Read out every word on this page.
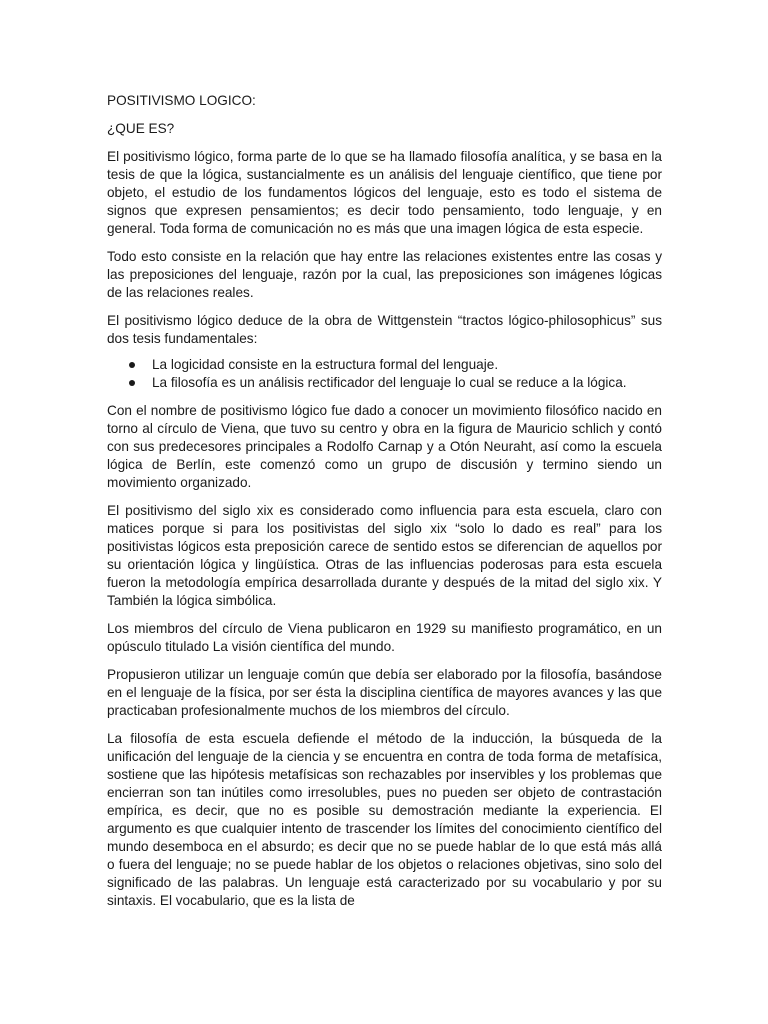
POSITIVISMO LOGICO:

¿QUE ES?

El positivismo lógico, forma parte de lo que se ha llamado filosofía analítica, y se basa en la tesis de que la lógica, sustancialmente es un análisis del lenguaje científico, que tiene por objeto, el estudio de los fundamentos lógicos del lenguaje, esto es todo el sistema de signos que expresen pensamientos; es decir todo pensamiento, todo lenguaje, y en general. Toda forma de comunicación no es más que una imagen lógica de esta especie.

Todo esto consiste en la relación que hay entre las relaciones existentes entre las cosas y las preposiciones del lenguaje, razón por la cual, las preposiciones son imágenes lógicas de las relaciones reales.

El positivismo lógico deduce de la obra de Wittgenstein “tractos lógico-philosophicus” sus dos tesis fundamentales:

La logicidad consiste en la estructura formal del lenguaje.
La filosofía es un análisis rectificador del lenguaje lo cual se reduce a la lógica.

Con el nombre de positivismo lógico fue dado a conocer un movimiento filosófico nacido en torno al círculo de Viena, que tuvo su centro y obra en la figura de Mauricio schlich y contó con sus predecesores principales a Rodolfo Carnap y a Otón Neuraht, así como la escuela lógica de Berlín, este comenzó como un grupo de discusión y termino siendo un movimiento organizado.

El positivismo del siglo xix es considerado como influencia para esta escuela, claro con matices porque si para los positivistas del siglo xix “solo lo dado es real” para los positivistas lógicos esta preposición carece de sentido estos se diferencian de aquellos por su orientación lógica y lingüística. Otras de las influencias poderosas para esta escuela fueron la metodología empírica desarrollada durante y después de la mitad del siglo xix. Y También la lógica simbólica.

Los miembros del círculo de Viena publicaron en 1929 su manifiesto programático, en un opúsculo titulado La visión científica del mundo.

Propusieron utilizar un lenguaje común que debía ser elaborado por la filosofía, basándose en el lenguaje de la física, por ser ésta la disciplina científica de mayores avances y las que practicaban profesionalmente muchos de los miembros del círculo.

La filosofía de esta escuela defiende el método de la inducción, la búsqueda de la unificación del lenguaje de la ciencia y se encuentra en contra de toda forma de metafísica, sostiene que las hipótesis metafísicas son rechazables por inservibles y los problemas que encierran son tan inútiles como irresolubles, pues no pueden ser objeto de contrastación empírica, es decir, que no es posible su demostración mediante la experiencia. El argumento es que cualquier intento de trascender los límites del conocimiento científico del mundo desemboca en el absurdo; es decir que no se puede hablar de lo que está más allá o fuera del lenguaje; no se puede hablar de los objetos o relaciones objetivas, sino solo del significado de las palabras. Un lenguaje está caracterizado por su vocabulario y por su sintaxis. El vocabulario, que es la lista de
